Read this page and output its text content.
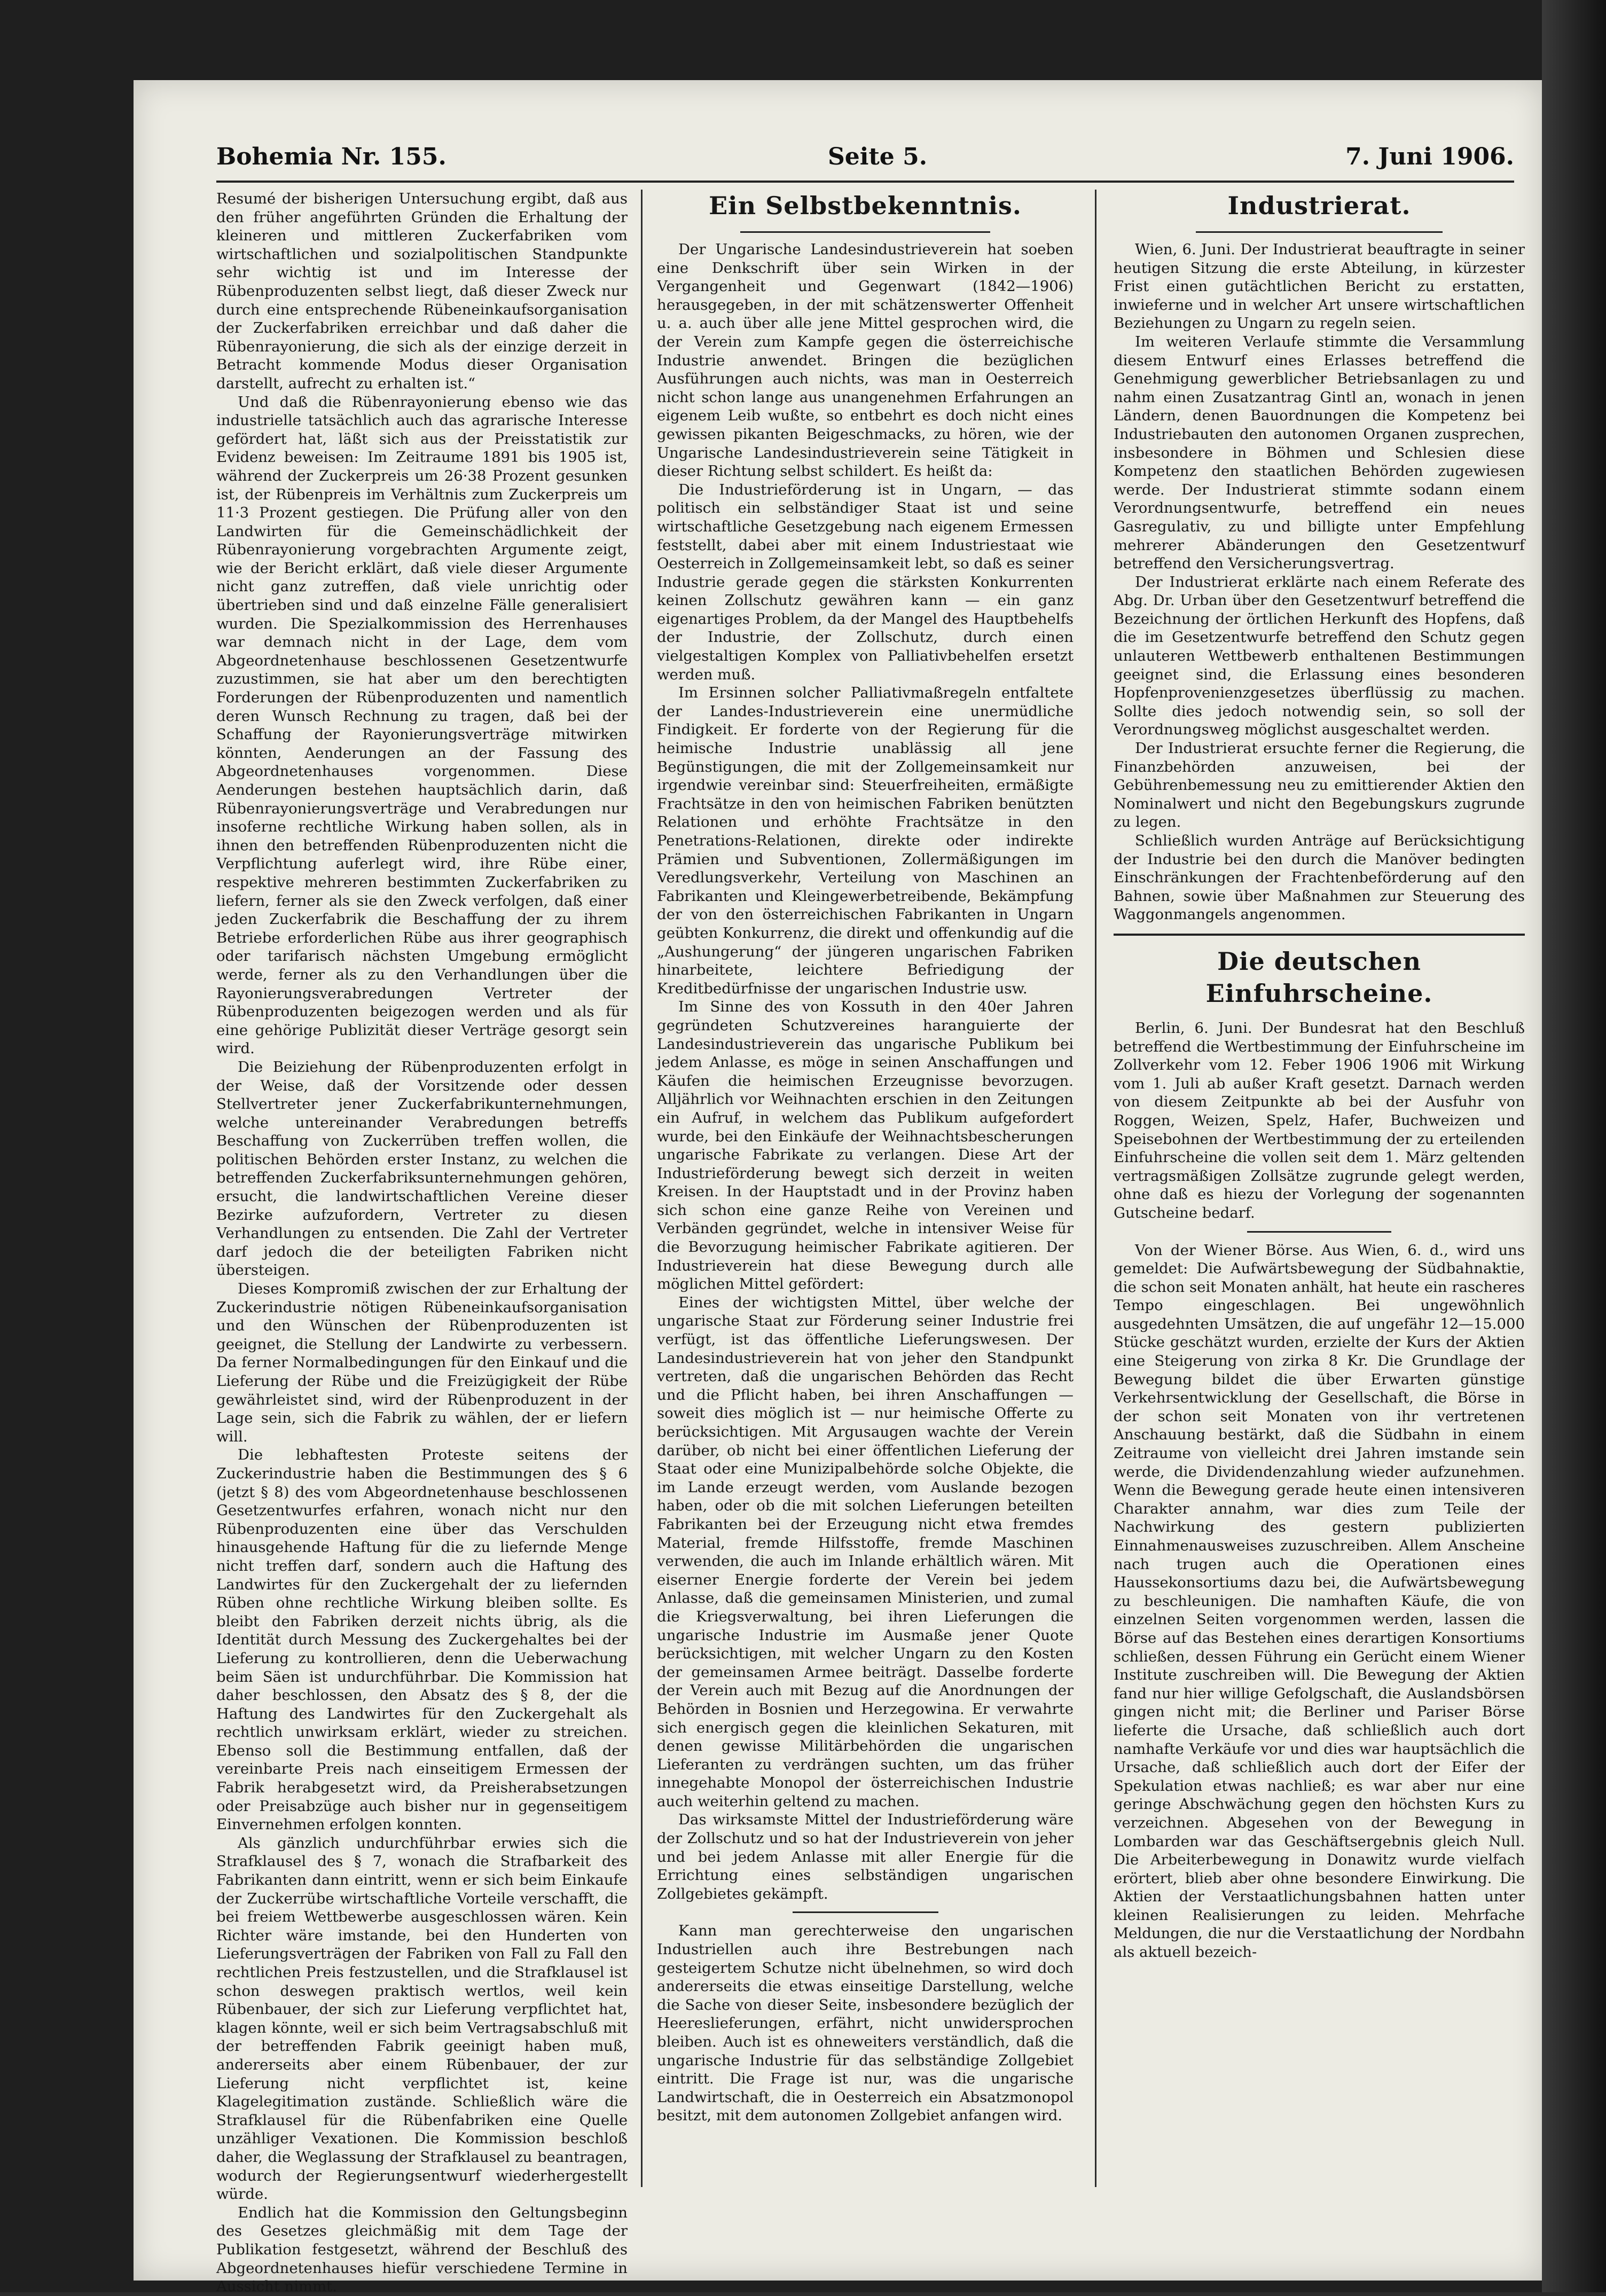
Bohemia Nr. 155.	Seite 5.	7. Juni 1906.

Resumé der bisherigen Untersuchung ergibt, daß aus den früher angeführten Gründen die Erhaltung der kleineren und mittleren Zuckerfabriken vom wirtschaftlichen und sozialpolitischen Standpunkte sehr wichtig ist und im Interesse der Rübenproduzenten selbst liegt, daß dieser Zweck nur durch eine entsprechende Rübeneinkaufsorganisation der Zuckerfabriken erreichbar und daß daher die Rübenrayonierung, die sich als der einzige derzeit in Betracht kommende Modus dieser Organisation darstellt, aufrecht zu erhalten ist.“

Und daß die Rübenrayonierung ebenso wie das industrielle tatsächlich auch das agrarische Interesse gefördert hat, läßt sich aus der Preisstatistik zur Evidenz beweisen: Im Zeitraume 1891 bis 1905 ist, während der Zuckerpreis um 26·38 Prozent gesunken ist, der Rübenpreis im Verhältnis zum Zuckerpreis um 11·3 Prozent gestiegen. Die Prüfung aller von den Landwirten für die Gemeinschädlichkeit der Rübenrayonierung vorgebrachten Argumente zeigt, wie der Bericht erklärt, daß viele dieser Argumente nicht ganz zutreffen, daß viele unrichtig oder übertrieben sind und daß einzelne Fälle generalisiert wurden. Die Spezialkommission des Herrenhauses war demnach nicht in der Lage, dem vom Abgeordnetenhause beschlossenen Gesetzentwurfe zuzustimmen, sie hat aber um den berechtigten Forderungen der Rübenproduzenten und namentlich deren Wunsch Rechnung zu tragen, daß bei der Schaffung der Rayonierungsverträge mitwirken könnten, Aenderungen an der Fassung des Abgeordnetenhauses vorgenommen. Diese Aenderungen bestehen hauptsächlich darin, daß Rübenrayonierungsverträge und Verabredungen nur insoferne rechtliche Wirkung haben sollen, als in ihnen den betreffenden Rübenproduzenten nicht die Verpflichtung auferlegt wird, ihre Rübe einer, respektive mehreren bestimmten Zuckerfabriken zu liefern, ferner als sie den Zweck verfolgen, daß einer jeden Zuckerfabrik die Beschaffung der zu ihrem Betriebe erforderlichen Rübe aus ihrer geographisch oder tarifarisch nächsten Umgebung ermöglicht werde, ferner als zu den Verhandlungen über die Rayonierungsverabredungen Vertreter der Rübenproduzenten beigezogen werden und als für eine gehörige Publizität dieser Verträge gesorgt sein wird.

Die Beiziehung der Rübenproduzenten erfolgt in der Weise, daß der Vorsitzende oder dessen Stellvertreter jener Zuckerfabrikunternehmungen, welche untereinander Verabredungen betreffs Beschaffung von Zuckerrüben treffen wollen, die politischen Behörden erster Instanz, zu welchen die betreffenden Zuckerfabriksunternehmungen gehören, ersucht, die landwirtschaftlichen Vereine dieser Bezirke aufzufordern, Vertreter zu diesen Verhandlungen zu entsenden. Die Zahl der Vertreter darf jedoch die der beteiligten Fabriken nicht übersteigen.

Dieses Kompromiß zwischen der zur Erhaltung der Zuckerindustrie nötigen Rübeneinkaufsorganisation und den Wünschen der Rübenproduzenten ist geeignet, die Stellung der Landwirte zu verbessern. Da ferner Normalbedingungen für den Einkauf und die Lieferung der Rübe und die Freizügigkeit der Rübe gewährleistet sind, wird der Rübenproduzent in der Lage sein, sich die Fabrik zu wählen, der er liefern will.

Die lebhaftesten Proteste seitens der Zuckerindustrie haben die Bestimmungen des § 6 (jetzt § 8) des vom Abgeordnetenhause beschlossenen Gesetzentwurfes erfahren, wonach nicht nur den Rübenproduzenten eine über das Verschulden hinausgehende Haftung für die zu liefernde Menge nicht treffen darf, sondern auch die Haftung des Landwirtes für den Zuckergehalt der zu liefernden Rüben ohne rechtliche Wirkung bleiben sollte. Es bleibt den Fabriken derzeit nichts übrig, als die Identität durch Messung des Zuckergehaltes bei der Lieferung zu kontrollieren, denn die Ueberwachung beim Säen ist undurchführbar. Die Kommission hat daher beschlossen, den Absatz des § 8, der die Haftung des Landwirtes für den Zuckergehalt als rechtlich unwirksam erklärt, wieder zu streichen. Ebenso soll die Bestimmung entfallen, daß der vereinbarte Preis nach einseitigem Ermessen der Fabrik herabgesetzt wird, da Preisherabsetzungen oder Preisabzüge auch bisher nur in gegenseitigem Einvernehmen erfolgen konnten.

Als gänzlich undurchführbar erwies sich die Strafklausel des § 7, wonach die Strafbarkeit des Fabrikanten dann eintritt, wenn er sich beim Einkaufe der Zuckerrübe wirtschaftliche Vorteile verschafft, die bei freiem Wettbewerbe ausgeschlossen wären. Kein Richter wäre imstande, bei den Hunderten von Lieferungsverträgen der Fabriken von Fall zu Fall den rechtlichen Preis festzustellen, und die Strafklausel ist schon deswegen praktisch wertlos, weil kein Rübenbauer, der sich zur Lieferung verpflichtet hat, klagen könnte, weil er sich beim Vertragsabschluß mit der betreffenden Fabrik geeinigt haben muß, andererseits aber einem Rübenbauer, der zur Lieferung nicht verpflichtet ist, keine Klagelegitimation zustände. Schließlich wäre die Strafklausel für die Rübenfabriken eine Quelle unzähliger Vexationen. Die Kommission beschloß daher, die Weglassung der Strafklausel zu beantragen, wodurch der Regierungsentwurf wiederhergestellt würde.

Endlich hat die Kommission den Geltungsbeginn des Gesetzes gleichmäßig mit dem Tage der Publikation festgesetzt, während der Beschluß des Abgeordnetenhauses hiefür verschiedene Termine in Aussicht nimmt.

Ein Selbstbekenntnis.

Der Ungarische Landesindustrieverein hat soeben eine Denkschrift über sein Wirken in der Vergangenheit und Gegenwart (1842—1906) herausgegeben, in der mit schätzenswerter Offenheit u. a. auch über alle jene Mittel gesprochen wird, die der Verein zum Kampfe gegen die österreichische Industrie anwendet. Bringen die bezüglichen Ausführungen auch nichts, was man in Oesterreich nicht schon lange aus unangenehmen Erfahrungen an eigenem Leib wußte, so entbehrt es doch nicht eines gewissen pikanten Beigeschmacks, zu hören, wie der Ungarische Landesindustrieverein seine Tätigkeit in dieser Richtung selbst schildert. Es heißt da:

Die Industrieförderung ist in Ungarn, — das politisch ein selbständiger Staat ist und seine wirtschaftliche Gesetzgebung nach eigenem Ermessen feststellt, dabei aber mit einem Industriestaat wie Oesterreich in Zollgemeinsamkeit lebt, so daß es seiner Industrie gerade gegen die stärksten Konkurrenten keinen Zollschutz gewähren kann — ein ganz eigenartiges Problem, da der Mangel des Hauptbehelfs der Industrie, der Zollschutz, durch einen vielgestaltigen Komplex von Palliativbehelfen ersetzt werden muß.

Im Ersinnen solcher Palliativmaßregeln entfaltete der Landes-Industrieverein eine unermüdliche Findigkeit. Er forderte von der Regierung für die heimische Industrie unablässig all jene Begünstigungen, die mit der Zollgemeinsamkeit nur irgendwie vereinbar sind: Steuerfreiheiten, ermäßigte Frachtsätze in den von heimischen Fabriken benützten Relationen und erhöhte Frachtsätze in den Penetrations-Relationen, direkte oder indirekte Prämien und Subventionen, Zollermäßigungen im Veredlungsverkehr, Verteilung von Maschinen an Fabrikanten und Kleingewerbetreibende, Bekämpfung der von den österreichischen Fabrikanten in Ungarn geübten Konkurrenz, die direkt und offenkundig auf die „Aushungerung“ der jüngeren ungarischen Fabriken hinarbeitete, leichtere Befriedigung der Kreditbedürfnisse der ungarischen Industrie usw.

Im Sinne des von Kossuth in den 40er Jahren gegründeten Schutzvereines haranguierte der Landesindustrieverein das ungarische Publikum bei jedem Anlasse, es möge in seinen Anschaffungen und Käufen die heimischen Erzeugnisse bevorzugen. Alljährlich vor Weihnachten erschien in den Zeitungen ein Aufruf, in welchem das Publikum aufgefordert wurde, bei den Einkäufe der Weihnachtsbescherungen ungarische Fabrikate zu verlangen. Diese Art der Industrieförderung bewegt sich derzeit in weiten Kreisen. In der Hauptstadt und in der Provinz haben sich schon eine ganze Reihe von Vereinen und Verbänden gegründet, welche in intensiver Weise für die Bevorzugung heimischer Fabrikate agitieren. Der Industrieverein hat diese Bewegung durch alle möglichen Mittel gefördert:

Eines der wichtigsten Mittel, über welche der ungarische Staat zur Förderung seiner Industrie frei verfügt, ist das öffentliche Lieferungswesen. Der Landesindustrieverein hat von jeher den Standpunkt vertreten, daß die ungarischen Behörden das Recht und die Pflicht haben, bei ihren Anschaffungen — soweit dies möglich ist — nur heimische Offerte zu berücksichtigen. Mit Argusaugen wachte der Verein darüber, ob nicht bei einer öffentlichen Lieferung der Staat oder eine Munizipalbehörde solche Objekte, die im Lande erzeugt werden, vom Auslande bezogen haben, oder ob die mit solchen Lieferungen beteilten Fabrikanten bei der Erzeugung nicht etwa fremdes Material, fremde Hilfsstoffe, fremde Maschinen verwenden, die auch im Inlande erhältlich wären. Mit eiserner Energie forderte der Verein bei jedem Anlasse, daß die gemeinsamen Ministerien, und zumal die Kriegsverwaltung, bei ihren Lieferungen die ungarische Industrie im Ausmaße jener Quote berücksichtigen, mit welcher Ungarn zu den Kosten der gemeinsamen Armee beiträgt. Dasselbe forderte der Verein auch mit Bezug auf die Anordnungen der Behörden in Bosnien und Herzegowina. Er verwahrte sich energisch gegen die kleinlichen Sekaturen, mit denen gewisse Militärbehörden die ungarischen Lieferanten zu verdrängen suchten, um das früher innegehabte Monopol der österreichischen Industrie auch weiterhin geltend zu machen.

Das wirksamste Mittel der Industrieförderung wäre der Zollschutz und so hat der Industrieverein von jeher und bei jedem Anlasse mit aller Energie für die Errichtung eines selbständigen ungarischen Zollgebietes gekämpft.

Kann man gerechterweise den ungarischen Industriellen auch ihre Bestrebungen nach gesteigertem Schutze nicht übelnehmen, so wird doch andererseits die etwas einseitige Darstellung, welche die Sache von dieser Seite, insbesondere bezüglich der Heereslieferungen, erfährt, nicht unwidersprochen bleiben. Auch ist es ohneweiters verständlich, daß die ungarische Industrie für das selbständige Zollgebiet eintritt. Die Frage ist nur, was die ungarische Landwirtschaft, die in Oesterreich ein Absatzmonopol besitzt, mit dem autonomen Zollgebiet anfangen wird.

Industrierat.

Wien, 6. Juni. Der Industrierat beauftragte in seiner heutigen Sitzung die erste Abteilung, in kürzester Frist einen gutächtlichen Bericht zu erstatten, inwieferne und in welcher Art unsere wirtschaftlichen Beziehungen zu Ungarn zu regeln seien.

Im weiteren Verlaufe stimmte die Versammlung diesem Entwurf eines Erlasses betreffend die Genehmigung gewerblicher Betriebsanlagen zu und nahm einen Zusatzantrag Gintl an, wonach in jenen Ländern, denen Bauordnungen die Kompetenz bei Industriebauten den autonomen Organen zusprechen, insbesondere in Böhmen und Schlesien diese Kompetenz den staatlichen Behörden zugewiesen werde. Der Industrierat stimmte sodann einem Verordnungsentwurfe, betreffend ein neues Gasregulativ, zu und billigte unter Empfehlung mehrerer Abänderungen den Gesetzentwurf betreffend den Versicherungsvertrag.

Der Industrierat erklärte nach einem Referate des Abg. Dr. Urban über den Gesetzentwurf betreffend die Bezeichnung der örtlichen Herkunft des Hopfens, daß die im Gesetzentwurfe betreffend den Schutz gegen unlauteren Wettbewerb enthaltenen Bestimmungen geeignet sind, die Erlassung eines besonderen Hopfenprovenienzgesetzes überflüssig zu machen. Sollte dies jedoch notwendig sein, so soll der Verordnungsweg möglichst ausgeschaltet werden.

Der Industrierat ersuchte ferner die Regierung, die Finanzbehörden anzuweisen, bei der Gebührenbemessung neu zu emittierender Aktien den Nominalwert und nicht den Begebungskurs zugrunde zu legen.

Schließlich wurden Anträge auf Berücksichtigung der Industrie bei den durch die Manöver bedingten Einschränkungen der Frachtenbeförderung auf den Bahnen, sowie über Maßnahmen zur Steuerung des Waggonmangels angenommen.

Die deutschen Einfuhrscheine.

Berlin, 6. Juni. Der Bundesrat hat den Beschluß betreffend die Wertbestimmung der Einfuhrscheine im Zollverkehr vom 12. Feber 1906 1906 mit Wirkung vom 1. Juli ab außer Kraft gesetzt. Darnach werden von diesem Zeitpunkte ab bei der Ausfuhr von Roggen, Weizen, Spelz, Hafer, Buchweizen und Speisebohnen der Wertbestimmung der zu erteilenden Einfuhrscheine die vollen seit dem 1. März geltenden vertragsmäßigen Zollsätze zugrunde gelegt werden, ohne daß es hiezu der Vorlegung der sogenannten Gutscheine bedarf.

Von der Wiener Börse. Aus Wien, 6. d., wird uns gemeldet: Die Aufwärtsbewegung der Südbahnaktie, die schon seit Monaten anhält, hat heute ein rascheres Tempo eingeschlagen. Bei ungewöhnlich ausgedehnten Umsätzen, die auf ungefähr 12—15.000 Stücke geschätzt wurden, erzielte der Kurs der Aktien eine Steigerung von zirka 8 Kr. Die Grundlage der Bewegung bildet die über Erwarten günstige Verkehrsentwicklung der Gesellschaft, die Börse in der schon seit Monaten von ihr vertretenen Anschauung bestärkt, daß die Südbahn in einem Zeitraume von vielleicht drei Jahren imstande sein werde, die Dividendenzahlung wieder aufzunehmen. Wenn die Bewegung gerade heute einen intensiveren Charakter annahm, war dies zum Teile der Nachwirkung des gestern publizierten Einnahmenausweises zuzuschreiben. Allem Anscheine nach trugen auch die Operationen eines Haussekonsortiums dazu bei, die Aufwärtsbewegung zu beschleunigen. Die namhaften Käufe, die von einzelnen Seiten vorgenommen werden, lassen die Börse auf das Bestehen eines derartigen Konsortiums schließen, dessen Führung ein Gerücht einem Wiener Institute zuschreiben will. Die Bewegung der Aktien fand nur hier willige Gefolgschaft, die Auslandsbörsen gingen nicht mit; die Berliner und Pariser Börse lieferte die Ursache, daß schließlich auch dort namhafte Verkäufe vor und dies war hauptsächlich die Ursache, daß schließlich auch dort der Eifer der Spekulation etwas nachließ; es war aber nur eine geringe Abschwächung gegen den höchsten Kurs zu verzeichnen. Abgesehen von der Bewegung in Lombarden war das Geschäftsergebnis gleich Null. Die Arbeiterbewegung in Donawitz wurde vielfach erörtert, blieb aber ohne besondere Einwirkung. Die Aktien der Verstaatlichungsbahnen hatten unter kleinen Realisierungen zu leiden. Mehrfache Meldungen, die nur die Verstaatlichung der Nordbahn als aktuell bezeich-
